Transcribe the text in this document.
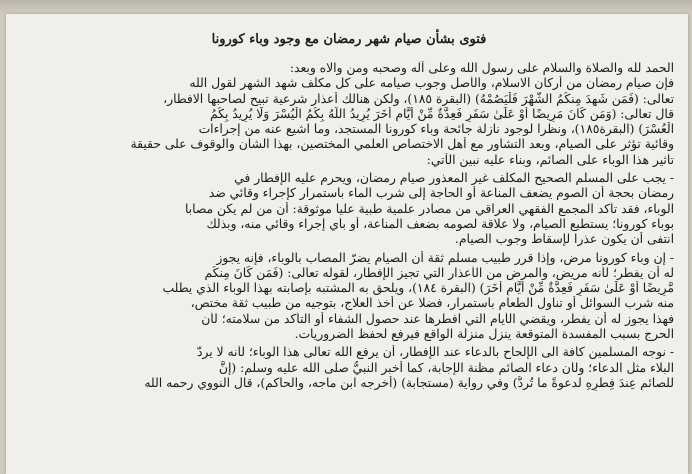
فتوى بشأن صيام شهر رمضان مع وجود وباء كورونا
الحمد لله والصلاة والسلام على رسول الله وعلى آله وصحبه ومن والاه وبعد:
فإن صيام رمضان من أركان الاسلام، والأصل وجوب صيامه على كل مكلف شهد الشهر لقول الله
تعالى: (فَمَن شَهِدَ مِنكُمُ الشَّهْرَ فَلْيَصُمْهُ) (البقرة ١٨٥)، ولكن هنالك أعذار شرعية تبيح لصاحبها الافطار،
قال تعالى: (وَمَن كَانَ مَرِيضًا أَوْ عَلَىٰ سَفَرٍ فَعِدَّةٌ مِّنْ أَيَّامٍ أُخَرَ يُرِيدُ اللَّهُ بِكُمُ الْيُسْرَ وَلَا يُرِيدُ بِكُمُ
الْعُسْرَ) (البقرة١٨٥)، ونظرا لوجود نازلة جائحة وباء كورونا المستجد، وما اشيع عنه من إجراءات
وقائية تؤثر على الصيام، وبعد التشاور مع أهل الاختصاص العلمي المختصين، بهذا الشأن والوقوف على حقيقة
تأثير هذا الوباء على الصائم، وبناء عليه نبين الآتي:
- يجب على المسلم الصحيح المكلف غير المعذور صيام رمضان، ويحرم عليه الإفطار في
رمضان بحجة أن الصوم يضعف المناعة أو الحاجة إلى شرب الماء باستمرار كإجراء وقائي ضد
الوباء، فقد تأكد المجمع الفقهي العراقي من مصادر علمية طبية عليا موثوقة: أن من لم يكن مصابا
بوباء كورونا؛ يستطيع الصيام، ولا علاقة لصومه بضعف المناعة، أو بأي إجراء وقائي منه، وبذلك
انتفى أن يكون عذرا لإسقاط وجوب الصيام.
- إن وباء كورونا مرض، وإذا قرر طبيب مسلم ثقة أن الصيام يضرّ المصاب بالوباء، فإنه يجوز
له أن يفطر؛ لأنه مريض، والمرض من الأعذار التي تجيز الإفطار، لقوله تعالى: (فَمَن كَانَ مِنكُم
مَّرِيضًا أَوْ عَلَىٰ سَفَرٍ فَعِدَّةٌ مِّنْ أَيَّامٍ أُخَرَ) (البقرة ١٨٤)، ويلحق به المشتبه بإصابته بهذا الوباء الذي يطلب
منه شرب السوائل أو تناول الطعام باستمرار، فضلا عن أخذ العلاج، بتوجيه من طبيب ثقة مختص،
فهذا يجوز له أن يفطر، ويقضي الأيام التي افطرها عند حصول الشفاء أو التأكد من سلامته؛ لأن
الحرج بسبب المفسدة المتوقعة ينزل منزلة الواقع فيرفع لحفظ الضروريات.
- نوجه المسلمين كافة الى الإلحاح بالدعاء عند الإفطار، أن يرفع الله تعالى هذا الوباء؛ لأنه لا يردّ
البلاء مثل الدعاء؛ ولأن دعاء الصائم مظنة الإجابة، كما أخبر النبيُّ صلى الله عليه وسلم: (إنَّ
للصائمِ عِندَ فِطرِهِ لدعوةً ما تُردُّ) وفي رواية (مستجابة) (أخرجه ابن ماجه، والحاكم)، قال النووي رحمه الله
